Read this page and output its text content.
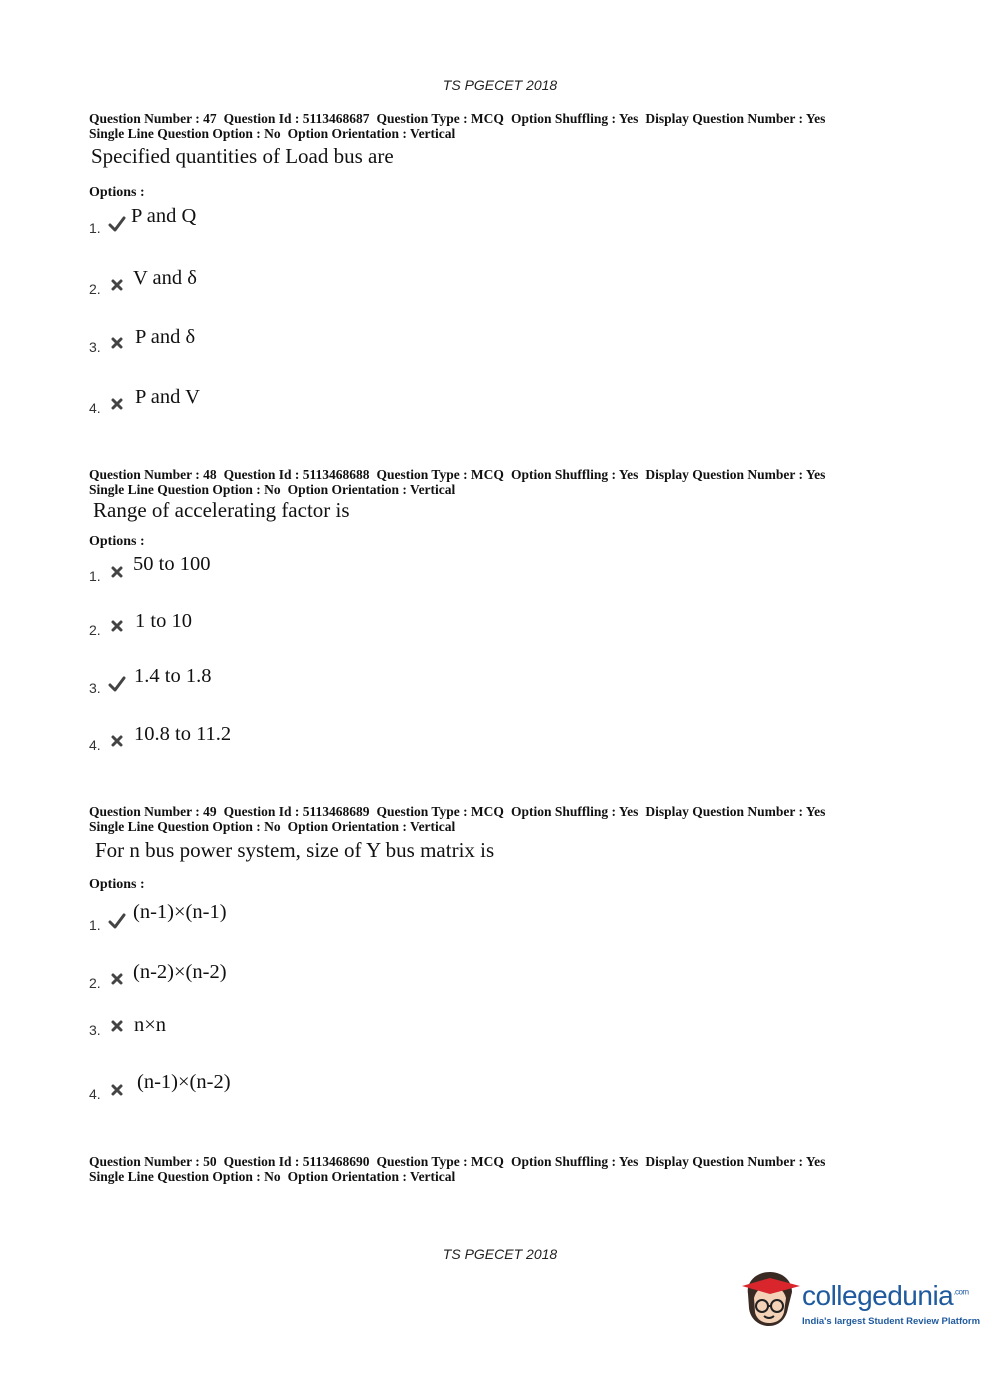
TS PGECET 2018
Question Number : 47 Question Id : 5113468687 Question Type : MCQ Option Shuffling : Yes Display Question Number : Yes
Single Line Question Option : No Option Orientation : Vertical
Specified quantities of Load bus are
Options :
1.
P and Q
2. V and δ
3. P and δ
4. P and V
Question Number : 48 Question Id : 5113468688 Question Type : MCQ Option Shuffling : Yes Display Question Number : Yes
Single Line Question Option : No Option Orientation : Vertical
Range of accelerating factor is
Options :
1.
50 to 100
2. 1 to 10
3.
1.4 to 1.8
4. 10.8 to 11.2
Question Number : 49 Question Id : 5113468689 Question Type : MCQ Option Shuffling : Yes Display Question Number : Yes
Single Line Question Option : No Option Orientation : Vertical
For n bus power system, size of Y bus matrix is
Options :
1.
(n-1)×(n-1)
2. (n-2)×(n-2)
3. n×n
4.
(n-1)×(n-2)
Question Number : 50 Question Id : 5113468690 Question Type : MCQ Option Shuffling : Yes Display Question Number : Yes
Single Line Question Option : No Option Orientation : Vertical
TS PGECET 2018
collegedunia$^{.com}$
India's largest Student Review Platform
